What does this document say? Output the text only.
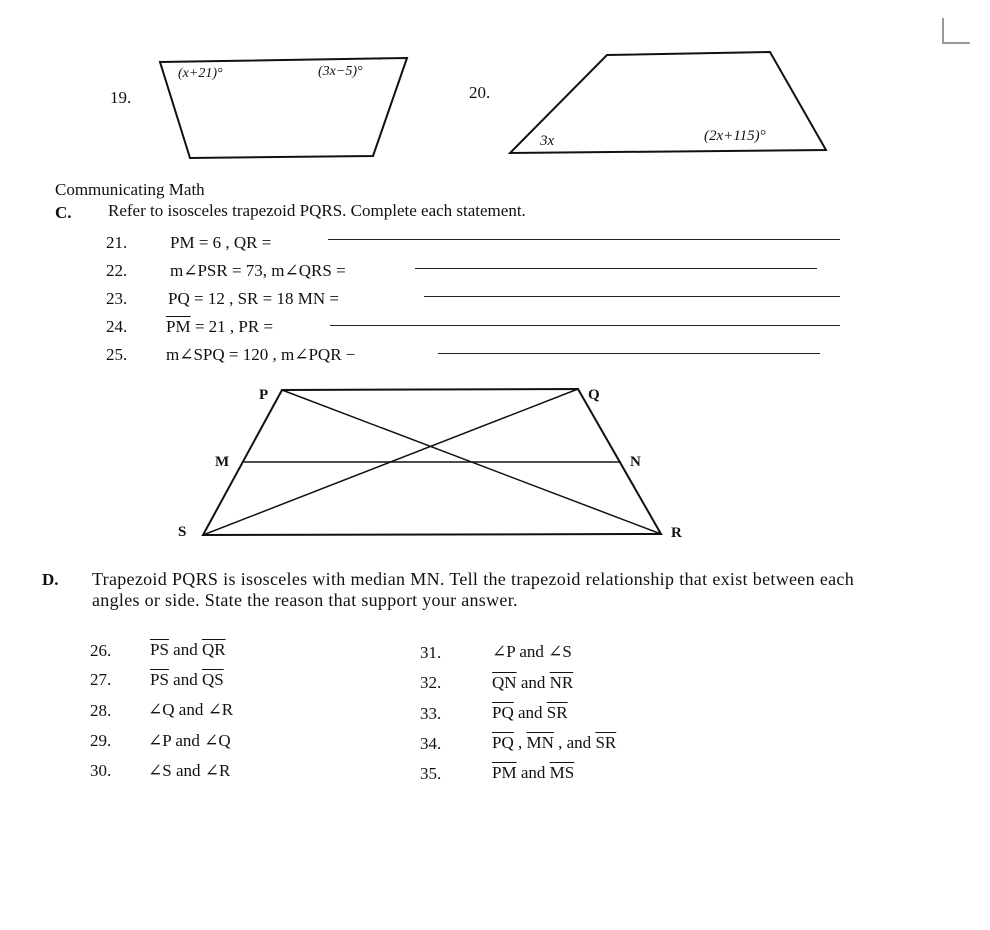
19.
(x+21)°	(3x−5)°
20.
3x	(2x+115)°
Communicating Math
C. Refer to isosceles trapezoid PQRS. Complete each statement.
21.	PM = 6 , QR =
22.	m∠PSR = 73, m∠QRS =
23. PQ = 12 , SR = 18 MN =
24. $\overline{PM} = 21$ , PR =
25. m∠SPQ = 120 , m∠PQR −
P	Q
M	N
S	R
D. Trapezoid PQRS is isosceles with median MN. Tell the trapezoid relationship that exist between each angles or side. State the reason that support your answer.
26. $\overline{PS}$ and $\overline{QR}$
27. $\overline{PS}$ and $\overline{QS}$
28. ∠Q and ∠R
29. ∠P and ∠Q
30. ∠S and ∠R
31.	∠P and ∠S
32.	$\overline{QN}$ and $\overline{NR}$
33.	$\overline{PQ}$ and $\overline{SR}$
34.	$\overline{PQ}$ , $\overline{MN}$ , and $\overline{SR}$
35.	$\overline{PM}$ and $\overline{MS}$
